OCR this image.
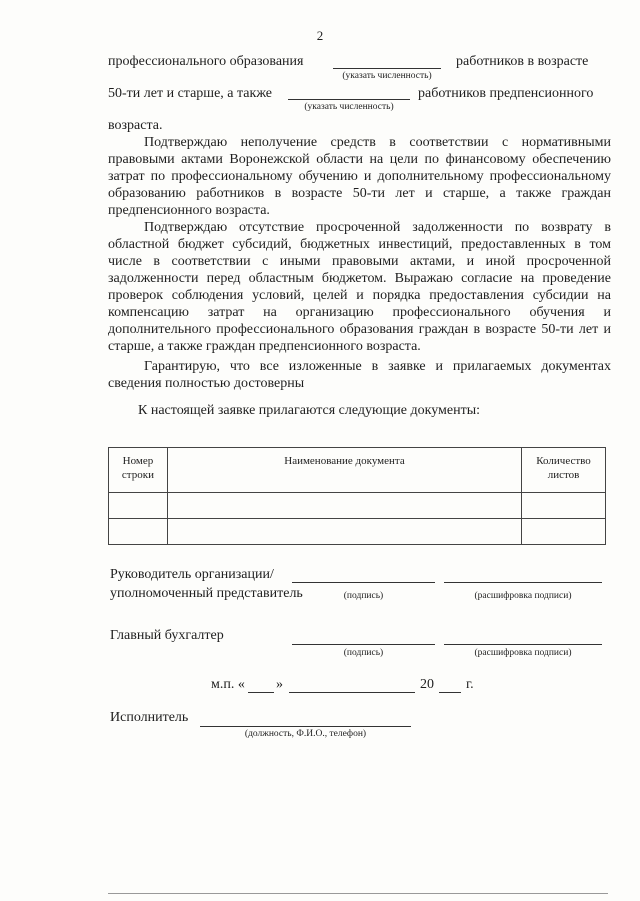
2
профессионального образования	работников в возрасте
(указать численность)
50-ти лет и старше, а также	работников предпенсионного
(указать численность)
возраста.

Подтверждаю неполучение средств в соответствии с нормативными правовыми актами Воронежской области на цели по финансовому обеспечению затрат по профессиональному обучению и дополнительному профессиональному образованию работников в возрасте 50-ти лет и старше, а также граждан предпенсионного возраста.

Подтверждаю отсутствие просроченной задолженности по возврату в областной бюджет субсидий, бюджетных инвестиций, предоставленных в том числе в соответствии с иными правовыми актами, и иной просроченной задолженности перед областным бюджетом. Выражаю согласие на проведение проверок соблюдения условий, целей и порядка предоставления субсидии на компенсацию затрат на организацию профессионального обучения и дополнительного профессионального образования граждан в возрасте 50-ти лет и старше, а также граждан предпенсионного возраста.

Гарантирую, что все изложенные в заявке и прилагаемых документах сведения полностью достоверны

К настоящей заявке прилагаются следующие документы:
Номер строки	Наименование документа	Количество листов

Руководитель организации/
уполномоченный представитель	(подпись)	(расшифровка подписи)
Главный бухгалтер
(подпись)	(расшифровка подписи)
м.п. « »	20 г.
Исполнитель
(должность, Ф.И.О., телефон)
